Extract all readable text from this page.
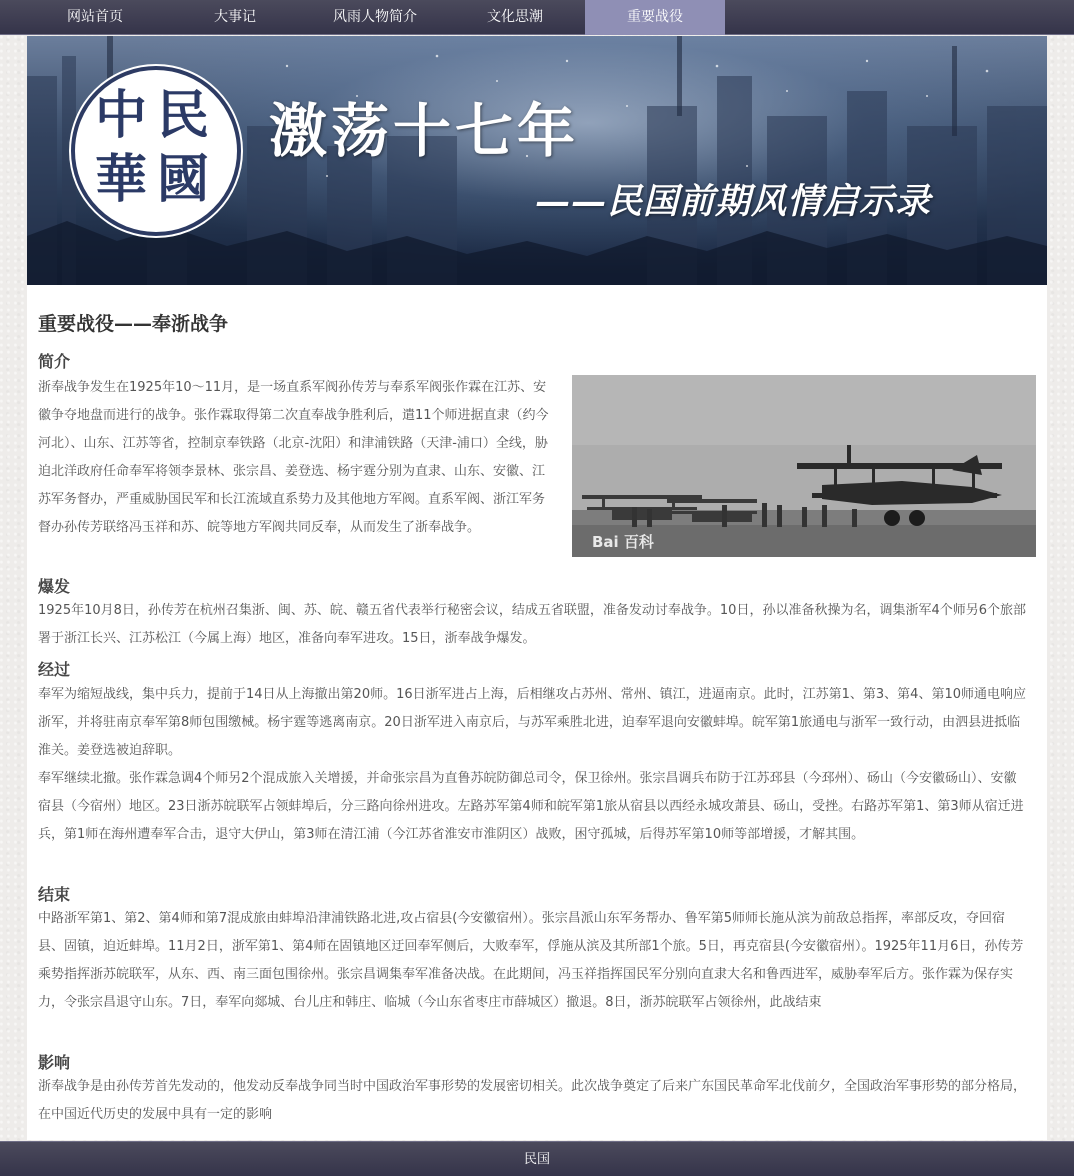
网站首页	大事记	风雨人物简介	文化思潮	重要战役
中 民
華 國
激荡十七年
——民国前期风情启示录
重要战役——奉浙战争
简介
浙奉战争发生在1925年10～11月，是一场直系军阀孙传芳与奉系军阀张作霖在江苏、安徽争夺地盘而进行的战争。张作霖取得第二次直奉战争胜利后，遣11个师进据直隶（约今河北）、山东、江苏等省，控制京奉铁路（北京-沈阳）和津浦铁路（天津-浦口）全线，胁迫北洋政府任命奉军将领李景林、张宗昌、姜登选、杨宇霆分别为直隶、山东、安徽、江苏军务督办，严重威胁国民军和长江流域直系势力及其他地方军阀。直系军阀、浙江军务督办孙传芳联络冯玉祥和苏、皖等地方军阀共同反奉，从而发生了浙奉战争。
Bai 百科
爆发
1925年10月8日，孙传芳在杭州召集浙、闽、苏、皖、赣五省代表举行秘密会议，结成五省联盟，准备发动讨奉战争。10日，孙以准备秋操为名，调集浙军4个师另6个旅部署于浙江长兴、江苏松江（今属上海）地区，准备向奉军进攻。15日，浙奉战争爆发。
经过
奉军为缩短战线，集中兵力，提前于14日从上海撤出第20师。16日浙军进占上海，后相继攻占苏州、常州、镇江，进逼南京。此时，江苏第1、第3、第4、第10师通电响应浙军，并将驻南京奉军第8师包围缴械。杨宇霆等逃离南京。20日浙军进入南京后，与苏军乘胜北进，迫奉军退向安徽蚌埠。皖军第1旅通电与浙军一致行动，由泗县进抵临淮关。姜登选被迫辞职。
奉军继续北撤。张作霖急调4个师另2个混成旅入关增援，并命张宗昌为直鲁苏皖防御总司令，保卫徐州。张宗昌调兵布防于江苏邳县（今邳州）、砀山（今安徽砀山）、安徽宿县（今宿州）地区。23日浙苏皖联军占领蚌埠后，分三路向徐州进攻。左路苏军第4师和皖军第1旅从宿县以西经永城攻萧县、砀山，受挫。右路苏军第1、第3师从宿迁进兵，第1师在海州遭奉军合击，退守大伊山，第3师在清江浦（今江苏省淮安市淮阴区）战败，困守孤城，后得苏军第10师等部增援，才解其围。
结束
中路浙军第1、第2、第4师和第7混成旅由蚌埠沿津浦铁路北进,攻占宿县(今安徽宿州）。张宗昌派山东军务帮办、鲁军第5师师长施从滨为前敌总指挥，率部反攻，夺回宿县、固镇，迫近蚌埠。11月2日，浙军第1、第4师在固镇地区迂回奉军侧后，大败奉军，俘施从滨及其所部1个旅。5日，再克宿县(今安徽宿州）。1925年11月6日，孙传芳乘势指挥浙苏皖联军，从东、西、南三面包围徐州。张宗昌调集奉军准备决战。在此期间，冯玉祥指挥国民军分别向直隶大名和鲁西进军，威胁奉军后方。张作霖为保存实力，令张宗昌退守山东。7日，奉军向郯城、台儿庄和韩庄、临城（今山东省枣庄市薛城区）撤退。8日，浙苏皖联军占领徐州，此战结束
影响
浙奉战争是由孙传芳首先发动的，他发动反奉战争同当时中国政治军事形势的发展密切相关。此次战争奠定了后来广东国民革命军北伐前夕，全国政治军事形势的部分格局，在中国近代历史的发展中具有一定的影响
民国
